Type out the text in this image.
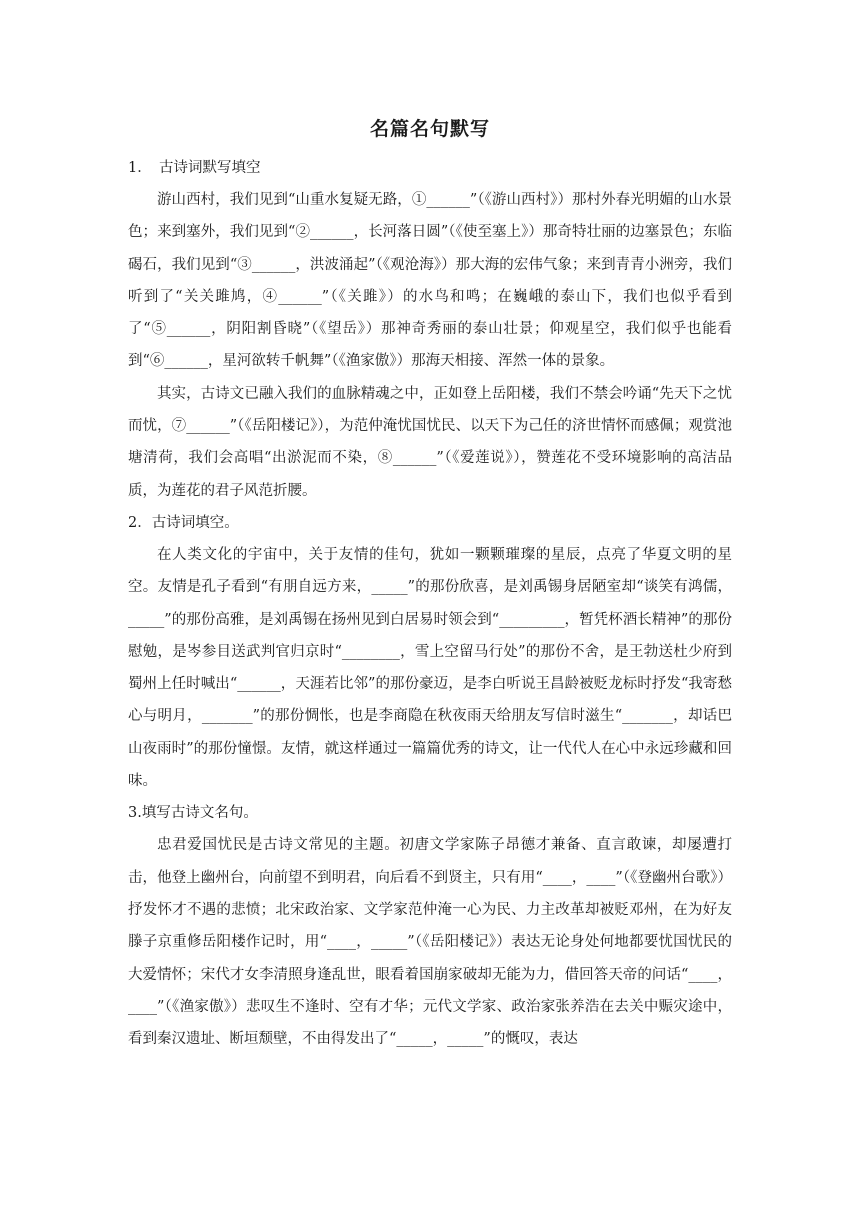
名篇名句默写

1．　古诗词默写填空

游山西村，我们见到“山重水复疑无路，①______”（《游山西村》）那村外春光明媚的山水景色；来到塞外，我们见到“②______，长河落日圆”（《使至塞上》）那奇特壮丽的边塞景色；东临碣石，我们见到“③______，洪波涌起”（《观沧海》）那大海的宏伟气象；来到青青小洲旁，我们听到了“关关雎鸠，④______”（《关雎》）的水鸟和鸣；在巍峨的泰山下，我们也似乎看到了“⑤______，阴阳割昏晓”（《望岳》）那神奇秀丽的泰山壮景；仰观星空，我们似乎也能看到“⑥______，星河欲转千帆舞”（《渔家傲》）那海天相接、浑然一体的景象。

其实，古诗文已融入我们的血脉精魂之中，正如登上岳阳楼，我们不禁会吟诵“先天下之忧而忧，⑦______”（《岳阳楼记》），为范仲淹忧国忧民、以天下为己任的济世情怀而感佩；观赏池塘清荷，我们会高唱“出淤泥而不染，⑧______”（《爱莲说》），赞莲花不受环境影响的高洁品质，为莲花的君子风范折腰。

2．古诗词填空。

在人类文化的宇宙中，关于友情的佳句，犹如一颗颗璀璨的星辰，点亮了华夏文明的星空。友情是孔子看到“有朋自远方来，_____”的那份欣喜，是刘禹锡身居陋室却“谈笑有鸿儒，_____”的那份高雅，是刘禹锡在扬州见到白居易时领会到“_________，暂凭杯酒长精神”的那份慰勉，是岑参目送武判官归京时“________，雪上空留马行处”的那份不舍，是王勃送杜少府到蜀州上任时喊出“______，天涯若比邻”的那份豪迈，是李白听说王昌龄被贬龙标时抒发“我寄愁心与明月，_______”的那份惆怅，也是李商隐在秋夜雨天给朋友写信时滋生“_______，却话巴山夜雨时”的那份憧憬。友情，就这样通过一篇篇优秀的诗文，让一代代人在心中永远珍藏和回味。

3.填写古诗文名句。

忠君爱国忧民是古诗文常见的主题。初唐文学家陈子昂德才兼备、直言敢谏，却屡遭打击，他登上幽州台，向前望不到明君，向后看不到贤主，只有用“____，____”（《登幽州台歌》）抒发怀才不遇的悲愤；北宋政治家、文学家范仲淹一心为民、力主改革却被贬邓州，在为好友滕子京重修岳阳楼作记时，用“____，_____”（《岳阳楼记》）表达无论身处何地都要忧国忧民的大爱情怀；宋代才女李清照身逢乱世，眼看着国崩家破却无能为力，借回答天帝的问话“____，____”（《渔家傲》）悲叹生不逢时、空有才华；元代文学家、政治家张养浩在去关中赈灾途中，看到秦汉遗址、断垣颓壁，不由得发出了“_____，_____”的慨叹，表达
